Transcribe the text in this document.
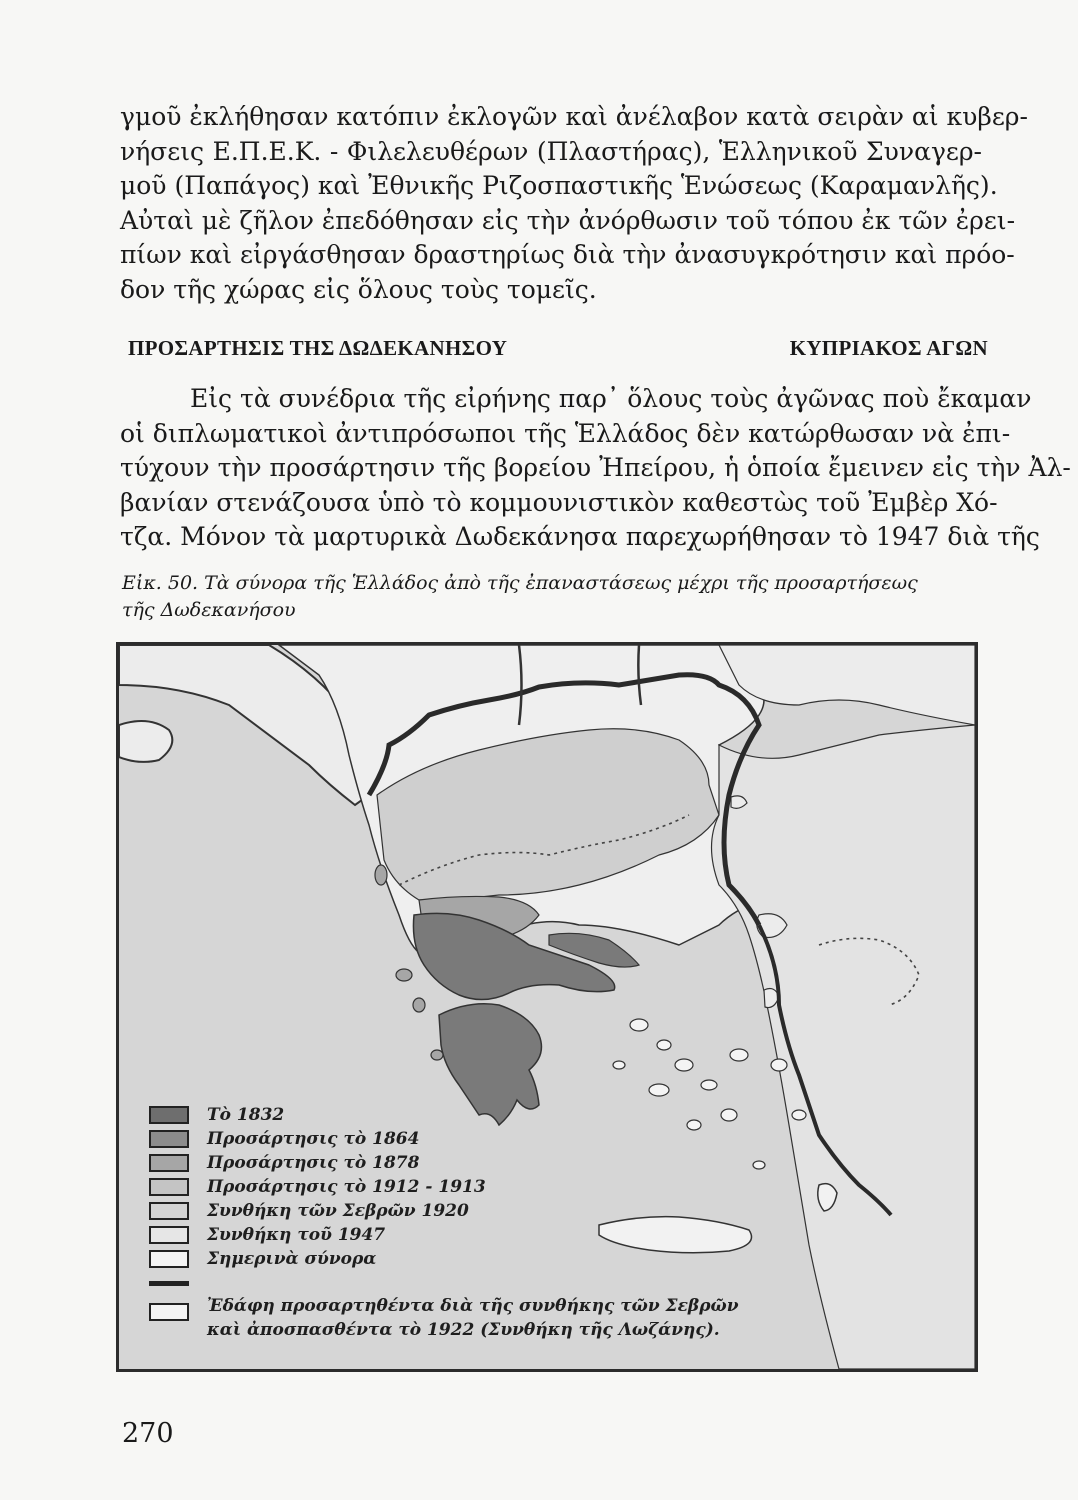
γμοῦ ἐκλήθησαν κατόπιν ἐκλογῶν καὶ ἀνέλαβον κατὰ σειρὰν αἱ κυβερ-
νήσεις Ε.Π.Ε.Κ. - Φιλελευθέρων (Πλαστήρας), Ἑλληνικοῦ Συναγερ-
μοῦ (Παπάγος) καὶ Ἐθνικῆς Ριζοσπαστικῆς Ἑνώσεως (Καραμανλῆς).
Αὐταὶ μὲ ζῆλον ἐπεδόθησαν εἰς τὴν ἀνόρθωσιν τοῦ τόπου ἐκ τῶν ἐρει-
πίων καὶ εἰργάσθησαν δραστηρίως διὰ τὴν ἀνασυγκρότησιν καὶ πρόο-
δον τῆς χώρας εἰς ὅλους τοὺς τομεῖς.
ΠΡΟΣΑΡΤΗΣΙΣ ΤΗΣ ΔΩΔΕΚΑΝΗΣΟΥ	ΚΥΠΡΙΑΚΟΣ ΑΓΩΝ
Εἰς τὰ συνέδρια τῆς εἰρήνης παρ᾽ ὅλους τοὺς ἀγῶνας ποὺ ἔκαμαν
οἱ διπλωματικοὶ ἀντιπρόσωποι τῆς Ἑλλάδος δὲν κατώρθωσαν νὰ ἐπι-
τύχουν τὴν προσάρτησιν τῆς βορείου Ἠπείρου, ἡ ὁποία ἔμεινεν εἰς τὴν Ἀλ-
βανίαν στενάζουσα ὑπὸ τὸ κομμουνιστικὸν καθεστὼς τοῦ Ἐμβὲρ Χό-
τζα. Μόνον τὰ μαρτυρικὰ Δωδεκάνησα παρεχωρήθησαν τὸ 1947 διὰ τῆς
Εἰκ. 50. Τὰ σύνορα τῆς Ἑλλάδος ἀπὸ τῆς ἐπαναστάσεως μέχρι τῆς προσαρτήσεως
τῆς Δωδεκανήσου
Τὸ 1832
Προσάρτησις τὸ 1864
Προσάρτησις τὸ 1878
Προσάρτησις τὸ 1912 - 1913
Συνθήκη τῶν Σεβρῶν 1920
Συνθήκη τοῦ 1947
Σημερινὰ σύνορα
Ἐδάφη προσαρτηθέντα διὰ τῆς συνθήκης τῶν Σεβρῶν
καὶ ἀποσπασθέντα τὸ 1922 (Συνθήκη τῆς Λωζάνης).
270
